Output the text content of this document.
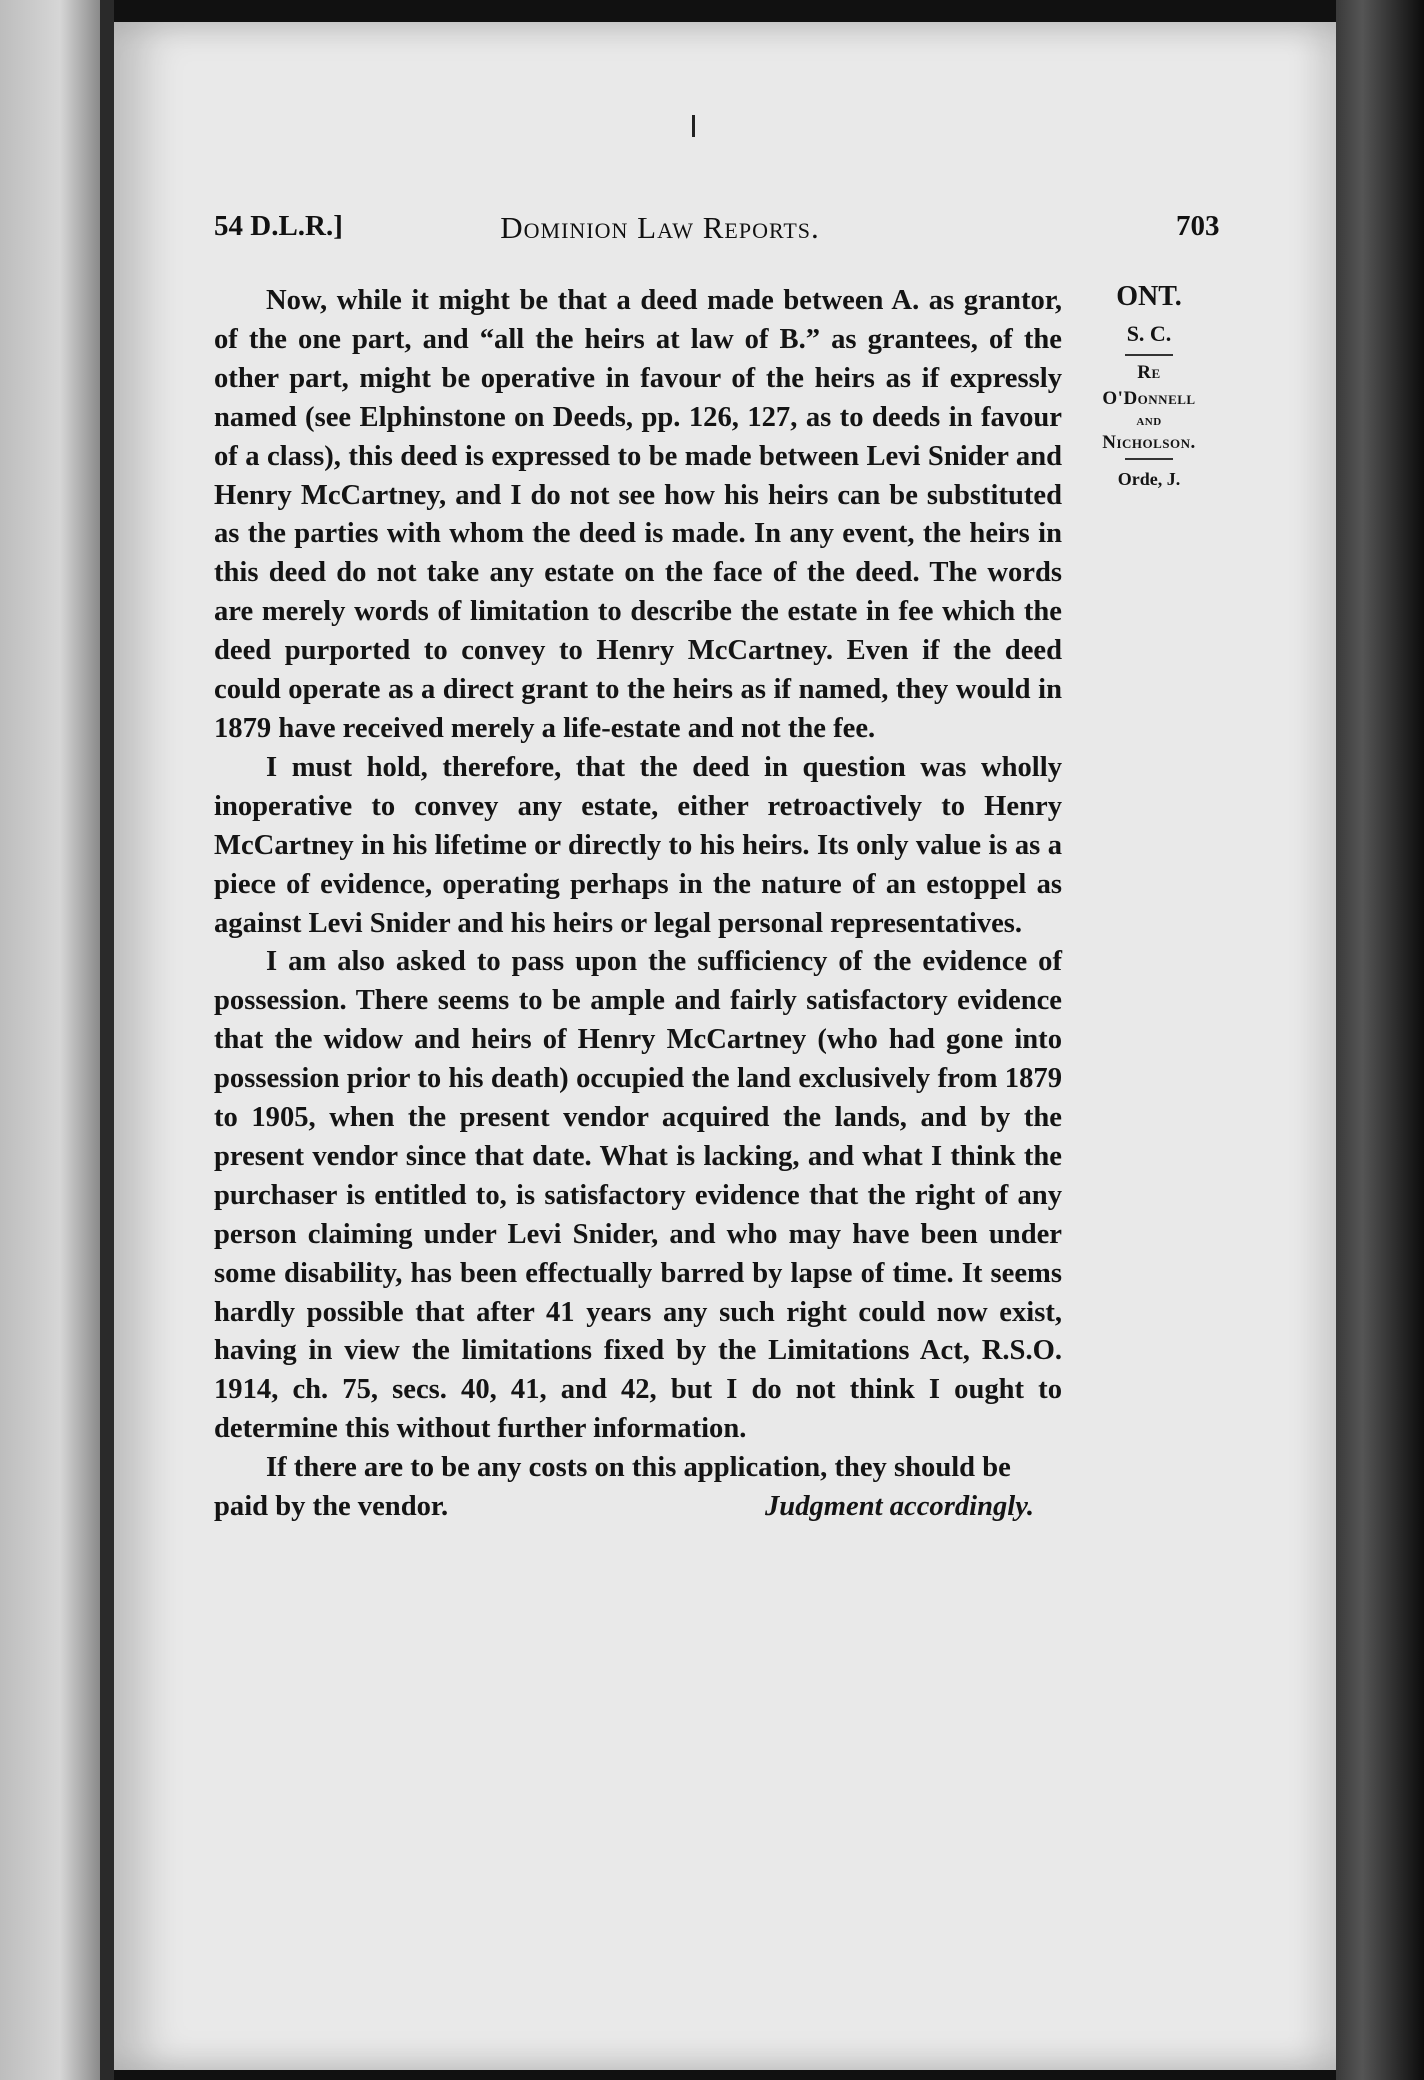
54 D.L.R.]	Dominion Law Reports.	703
ONT.
S. C.
Re
O'Donnell
and
Nicholson.
Orde, J.

Now, while it might be that a deed made between A. as grantor, of the one part, and “all the heirs at law of B.” as grantees, of the other part, might be operative in favour of the heirs as if expressly named (see Elphinstone on Deeds, pp. 126, 127, as to deeds in favour of a class), this deed is expressed to be made between Levi Snider and Henry McCartney, and I do not see how his heirs can be substituted as the parties with whom the deed is made. In any event, the heirs in this deed do not take any estate on the face of the deed. The words are merely words of limitation to describe the estate in fee which the deed purported to convey to Henry McCartney. Even if the deed could operate as a direct grant to the heirs as if named, they would in 1879 have received merely a life-estate and not the fee.

I must hold, therefore, that the deed in question was wholly inoperative to convey any estate, either retroactively to Henry McCartney in his lifetime or directly to his heirs. Its only value is as a piece of evidence, operating perhaps in the nature of an estoppel as against Levi Snider and his heirs or legal personal representatives.

I am also asked to pass upon the sufficiency of the evidence of possession. There seems to be ample and fairly satisfactory evidence that the widow and heirs of Henry McCartney (who had gone into possession prior to his death) occupied the land exclusively from 1879 to 1905, when the present vendor acquired the lands, and by the present vendor since that date. What is lacking, and what I think the purchaser is entitled to, is satisfactory evidence that the right of any person claiming under Levi Snider, and who may have been under some disability, has been effectually barred by lapse of time. It seems hardly possible that after 41 years any such right could now exist, having in view the limitations fixed by the Limitations Act, R.S.O. 1914, ch. 75, secs. 40, 41, and 42, but I do not think I ought to determine this without further information.

If there are to be any costs on this application, they should be

paid by the vendor.	Judgment accordingly.
